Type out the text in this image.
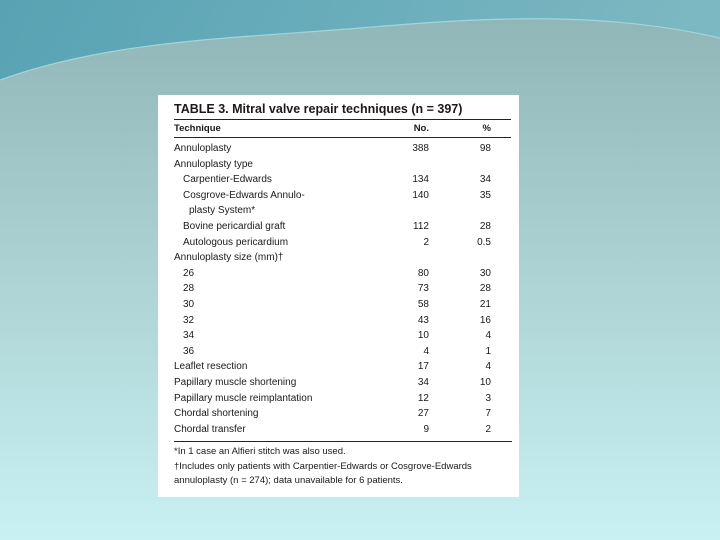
TABLE 3. Mitral valve repair techniques (n = 397)
Technique	No.	%
Annuloplasty	388	98
Annuloplasty type
Carpentier-Edwards	134	34
Cosgrove-Edwards Annulo-	140	35
plasty System*
Bovine pericardial graft	112	28
Autologous pericardium	2	0.5
Annuloplasty size (mm)†
26	80	30
28	73	28
30	58	21
32	43	16
34	10	4
36	4	1
Leaflet resection	17	4
Papillary muscle shortening	34	10
Papillary muscle reimplantation	12	3
Chordal shortening	27	7
Chordal transfer	9	2
*In 1 case an Alfieri stitch was also used.
†Includes only patients with Carpentier-Edwards or Cosgrove-Edwards
annuloplasty (n = 274); data unavailable for 6 patients.
